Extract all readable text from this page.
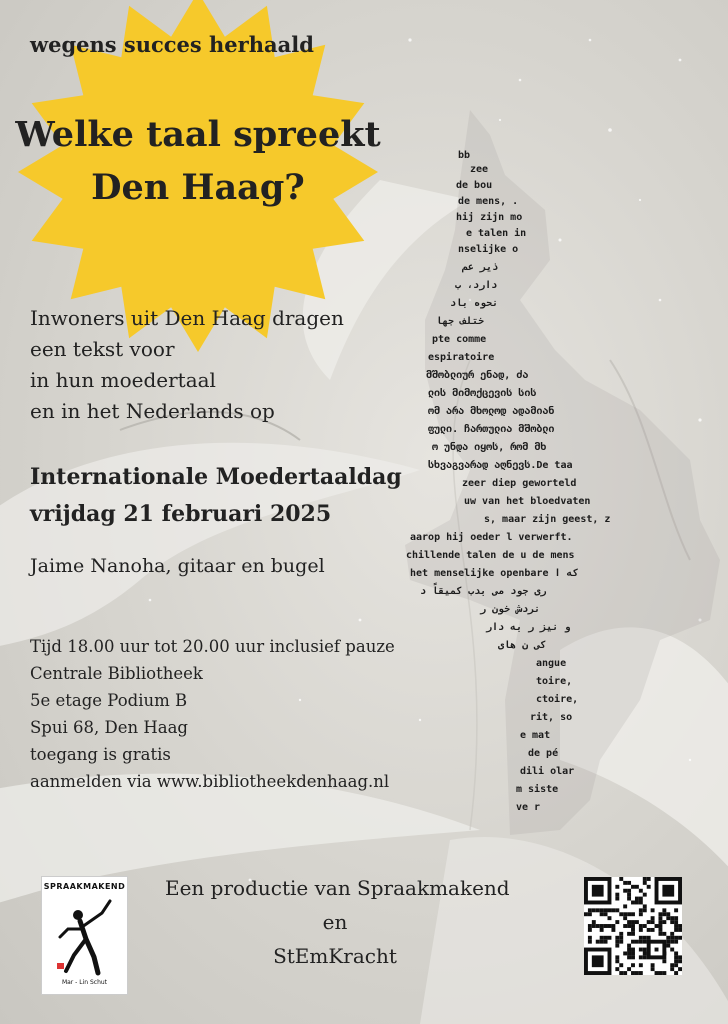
bb
zee
de bou
de mens, .
hij zijn mo
e talen in
nselijke o
ذير عم
دارد، ب
نحوه باد
ختلف جها
pte comme
espiratoire
მშობლიურ ენად, ძა
ლის მიმოქცევის სის
ომ არა მხოლოდ ადამიან
ფული. ჩართულია მშობლი
ო უნდა იყოს, რომ მხ
სხვაგვარად აღნევს.De taa
zeer diep geworteld
uw van het bloedvaten
s, maar zijn geest, z
aarop hij oeder l verwerft.
chillende talen de u de mens
het menselijke openbare که ا
ری جود می بدب کمیقاً د
نردش خون ر
و نیز ر به دار
کی ن های
angue
toire,
ctoire,
rit, so
e mat
de pé
dili olar
m siste
ve r
wegens succes herhaald
Welke taal spreekt
Den Haag?
Inwoners uit Den Haag dragen
een tekst voor
in hun moedertaal
en in het Nederlands op
Internationale Moedertaaldag
vrijdag 21 februari 2025
Jaime Nanoha, gitaar en bugel
Tijd 18.00 uur tot 20.00 uur inclusief pauze
Centrale Bibliotheek
5e etage Podium B
Spui 68, Den Haag
toegang is gratis
aanmelden via www.bibliotheekdenhaag.nl
Een productie van Spraakmakend
en
StEmKracht
SPRAAKMAKEND
Mar - Lin Schut
